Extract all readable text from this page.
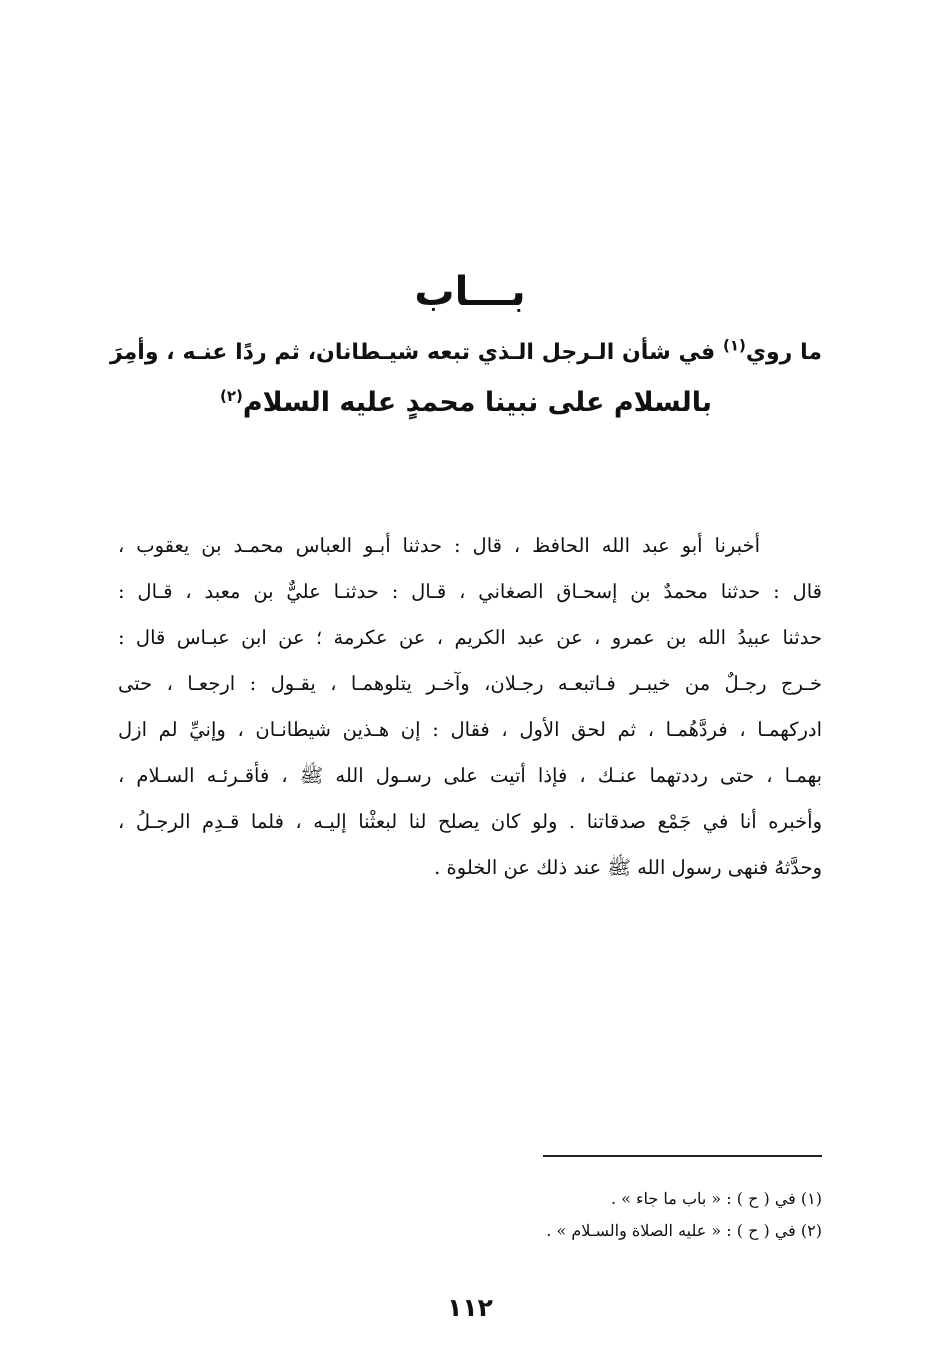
بـــاب
ما روي$^{(١)}$ في شأن الـرجل الـذي تبعه شيـطانان، ثم ردًا عنـه ، وأمِرَ
بالسلام على نبينا محمدٍ عليه السلام$^{(٢)}$
أخبرنا أبو عبد الله الحافظ ، قال : حدثنا أبـو العباس محمـد بن يعقوب ،
قال : حدثنا محمدٌ بن إسحـاق الصغاني ، قـال : حدثنـا عليٌّ بن معبد ، قـال :
حدثنا عبيدُ الله بن عمرو ، عن عبد الكريم ، عن عكرمة ؛ عن ابن عبـاس قال :
خـرج رجـلٌ من خيبـر فـاتبعـه رجـلان، وآخـر يتلوهمـا ، يقـول : ارجعـا ، حتى
ادركهمـا ، فردَّهُمـا ، ثم لحق الأول ، فقال : إن هـذين شيطانـان ، وإنيِّ لم ازل
بهمـا ، حتى رددتهما عنـك ، فإذا أتيت على رسـول الله ﷺ ، فأقـرئـه السـلام ،
وأخبره أنا في جَمْع صدقاتنا . ولو كان يصلح لنا لبعثْنا إليـه ، فلما قـدِم الرجـلُ ،
وحدَّثهُ فنهى رسول الله ﷺ عند ذلك عن الخلوة .
(١) في ( ح ) : « باب ما جاء » .
(٢) في ( ح ) : « عليه الصلاة والسـلام » .
١١٢
